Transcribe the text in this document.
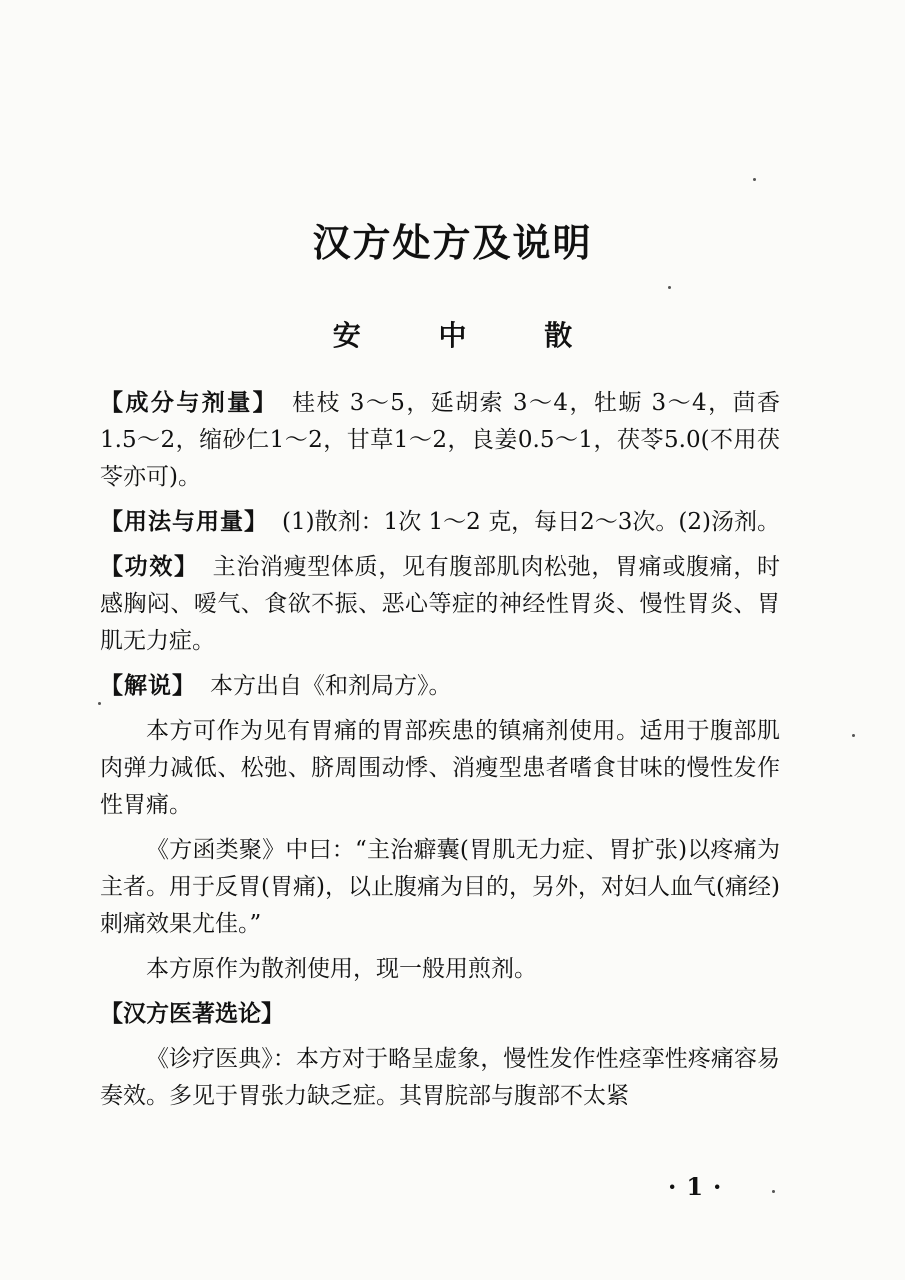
汉方处方及说明
安 中 散

【成分与剂量】 桂枝 3～5，延胡索 3～4，牡蛎 3～4，茴香 1.5～2，缩砂仁1～2，甘草1～2，良姜0.5～1，茯苓5.0(不用茯苓亦可)。

【用法与用量】 (1)散剂：1次 1～2 克，每日2～3次。(2)汤剂。

【功效】 主治消瘦型体质，见有腹部肌肉松弛，胃痛或腹痛，时感胸闷、嗳气、食欲不振、恶心等症的神经性胃炎、慢性胃炎、胃肌无力症。

【解说】 本方出自《和剂局方》。

本方可作为见有胃痛的胃部疾患的镇痛剂使用。适用于腹部肌肉弹力减低、松弛、脐周围动悸、消瘦型患者嗜食甘味的慢性发作性胃痛。

《方函类聚》中曰：“主治癖囊(胃肌无力症、胃扩张)以疼痛为主者。用于反胃(胃痛)，以止腹痛为目的，另外，对妇人血气(痛经)刺痛效果尤佳。”

本方原作为散剂使用，现一般用煎剂。

【汉方医著选论】

《诊疗医典》：本方对于略呈虚象，慢性发作性痉挛性疼痛容易奏效。多见于胃张力缺乏症。其胃脘部与腹部不太紧

·1·
